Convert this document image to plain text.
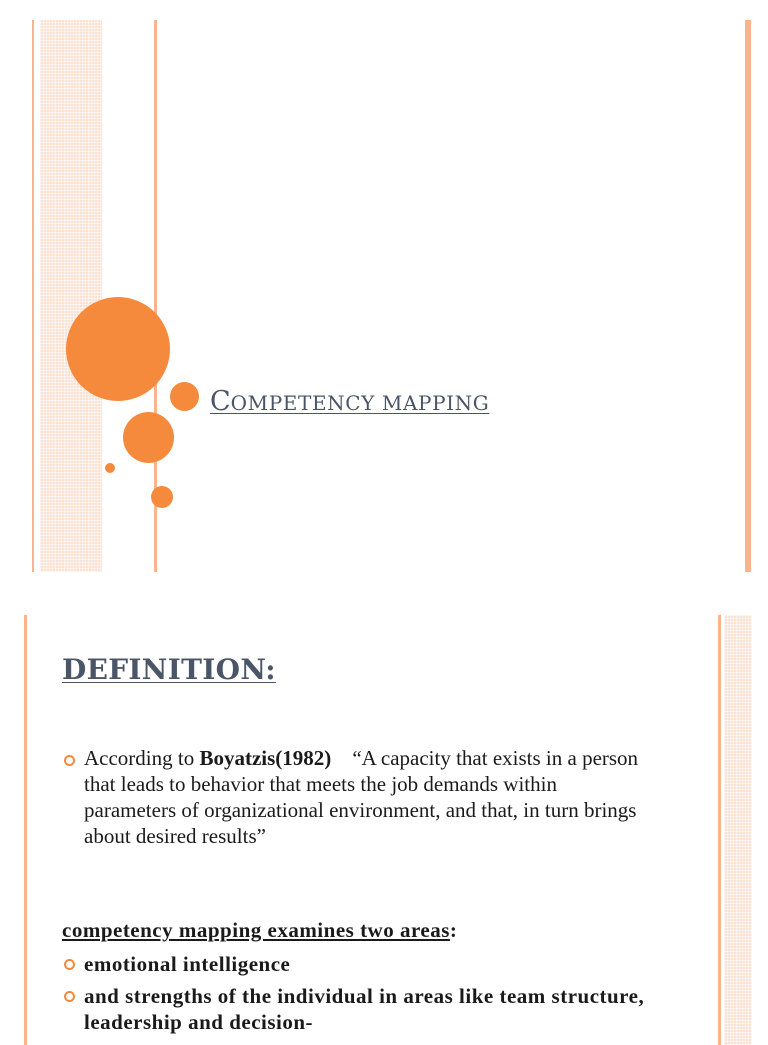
COMPETENCY MAPPING
DEFINITION:
According to Boyatzis(1982) “A capacity that exists in a person that leads to behavior that meets the job demands within parameters of organizational environment, and that, in turn brings about desired results”
competency mapping examines two areas:
emotional intelligence
and strengths of the individual in areas like team structure, leadership and decision-
